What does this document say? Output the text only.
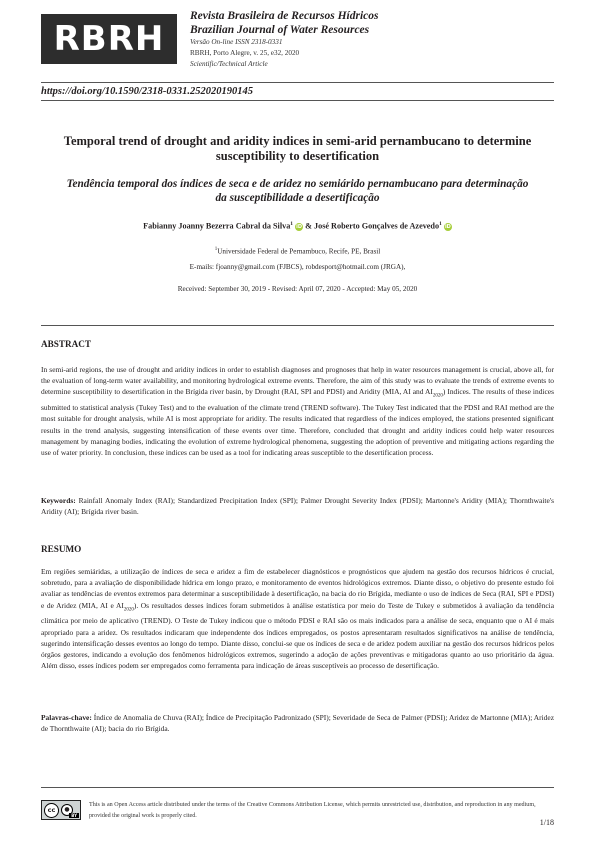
RBRH
Revista Brasileira de Recursos Hídricos
Brazilian Journal of Water Resources
Versão On-line ISSN 2318-0331
RBRH, Porto Alegre, v. 25, e32, 2020
Scientific/Technical Article
https://doi.org/10.1590/2318-0331.252020190145
Temporal trend of drought and aridity indices in semi-arid pernambucano to determine susceptibility to desertification
Tendência temporal dos índices de seca e de aridez no semiárido pernambucano para determinação da susceptibilidade a desertificação
Fabianny Joanny Bezerra Cabral da Silva$^1$ iD & José Roberto Gonçalves de Azevedo$^1$ iD
$^1$Universidade Federal de Pernambuco, Recife, PE, Brasil
E-mails: fjoanny@gmail.com (FJBCS), robdesport@hotmail.com (JRGA),
Received: September 30, 2019 - Revised: April 07, 2020 - Accepted: May 05, 2020
ABSTRACT
In semi-arid regions, the use of drought and aridity indices in order to establish diagnoses and prognoses that help in water resources management is crucial, above all, for the evaluation of long-term water availability, and monitoring hydrological extreme events. Therefore, the aim of this study was to evaluate the trends of extreme events to determine susceptibility to desertification in the Brígida river basin, by Drought (RAI, SPI and PDSI) and Aridity (MIA, AI and $AI_{2020}$) Indices. The results of these indices submitted to statistical analysis (Tukey Test) and to the evaluation of the climate trend (TREND software). The Tukey Test indicated that the PDSI and RAI method are the most suitable for drought analysis, while AI is most appropriate for aridity. The results indicated that regardless of the indices employed, the stations presented significant results in the trend analysis, suggesting intensification of these events over time. Therefore, concluded that drought and aridity indices could help water resources management by managing bodies, indicating the evolution of extreme hydrological phenomena, suggesting the adoption of preventive and mitigating actions regarding the use of water priority. In conclusion, these indices can be used as a tool for indicating areas susceptible to the desertification process.
Keywords: Rainfall Anomaly Index (RAI); Standardized Precipitation Index (SPI); Palmer Drought Severity Index (PDSI); Martonne's Aridity (MIA); Thornthwaite's Aridity (AI); Brígida river basin.
RESUMO
Em regiões semiáridas, a utilização de índices de seca e aridez a fim de estabelecer diagnósticos e prognósticos que ajudem na gestão dos recursos hídricos é crucial, sobretudo, para a avaliação de disponibilidade hídrica em longo prazo, e monitoramento de eventos hidrológicos extremos. Diante disso, o objetivo do presente estudo foi avaliar as tendências de eventos extremos para determinar a susceptibilidade à desertificação, na bacia do rio Brígida, mediante o uso de índices de Seca (RAI, SPI e PDSI) e de Aridez (MIA, AI e $AI_{2020}$). Os resultados desses índices foram submetidos à análise estatística por meio do Teste de Tukey e submetidos à avaliação da tendência climática por meio de aplicativo (TREND). O Teste de Tukey indicou que o método PDSI e RAI são os mais indicados para a análise de seca, enquanto que o AI é mais apropriado para a aridez. Os resultados indicaram que independente dos índices empregados, os postos apresentaram resultados significativos na análise de tendência, sugerindo intensificação desses eventos ao longo do tempo. Diante disso, conclui-se que os índices de seca e de aridez podem auxiliar na gestão dos recursos hídricos pelos órgãos gestores, indicando a evolução dos fenômenos hidrológicos extremos, sugerindo a adoção de ações preventivas e mitigadoras quanto ao uso prioritário da água. Além disso, esses índices podem ser empregados como ferramenta para indicação de áreas susceptíveis ao processo de desertificação.
Palavras-chave: Índice de Anomalia de Chuva (RAI); Índice de Precipitação Padronizado (SPI); Severidade de Seca de Palmer (PDSI); Aridez de Martonne (MIA); Aridez de Thornthwaite (AI); bacia do rio Brígida.
cc	●
BY
This is an Open Access article distributed under the terms of the Creative Commons Attribution License, which permits unrestricted use, distribution, and reproduction in any medium, provided the original work is properly cited.
1/18
